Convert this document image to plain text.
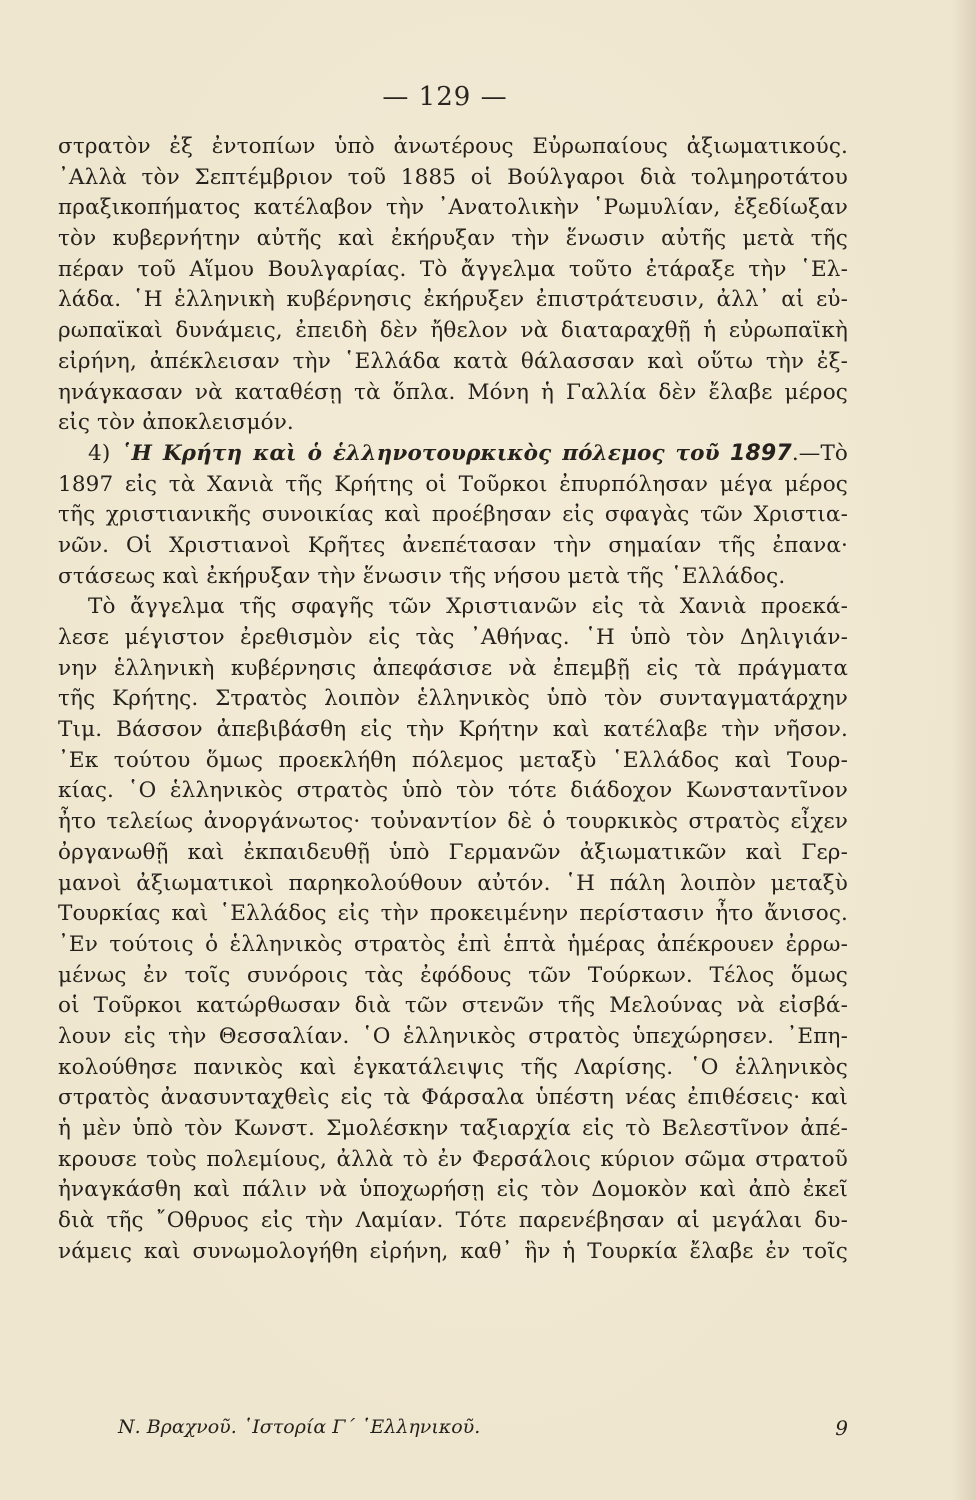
— 129 —
στρατὸν ἐξ ἐντοπίων ὑπὸ ἀνωτέρους Εὐρωπαίους ἀξιωματικούς.
᾿Αλλὰ τὸν Σεπτέμβριον τοῦ 1885 οἱ Βούλγαροι διὰ τολμηροτάτου
πραξικοπήματος κατέλαβον τὴν ᾿Ανατολικὴν ῾Ρωμυλίαν, ἐξεδίωξαν
τὸν κυβερνήτην αὐτῆς καὶ ἐκήρυξαν τὴν ἕνωσιν αὐτῆς μετὰ τῆς
πέραν τοῦ Αἵμου Βουλγαρίας. Τὸ ἄγγελμα τοῦτο ἐτάραξε τὴν ῾Ελ-
λάδα. ῾Η ἑλληνικὴ κυβέρνησις ἐκήρυξεν ἐπιστράτευσιν, ἀλλ᾿ αἱ εὐ-
ρωπαϊκαὶ δυνάμεις, ἐπειδὴ δὲν ἤθελον νὰ διαταραχθῇ ἡ εὐρωπαϊκὴ
εἰρήνη, ἀπέκλεισαν τὴν ῾Ελλάδα κατὰ θάλασσαν καὶ οὕτω τὴν ἐξ-
ηνάγκασαν νὰ καταθέσῃ τὰ ὅπλα. Μόνη ἡ Γαλλία δὲν ἔλαβε μέρος
εἰς τὸν ἀποκλεισμόν.
4) ῾Η Κρήτη καὶ ὁ ἑλληνοτουρκικὸς πόλεμος τοῦ 1897.—Τὸ
1897 εἰς τὰ Χανιὰ τῆς Κρήτης οἱ Τοῦρκοι ἐπυρπόλησαν μέγα μέρος
τῆς χριστιανικῆς συνοικίας καὶ προέβησαν εἰς σφαγὰς τῶν Χριστια-
νῶν. Οἱ Χριστιανοὶ Κρῆτες ἀνεπέτασαν τὴν σημαίαν τῆς ἐπανα·
στάσεως καὶ ἐκήρυξαν τὴν ἕνωσιν τῆς νήσου μετὰ τῆς ῾Ελλάδος.
Τὸ ἄγγελμα τῆς σφαγῆς τῶν Χριστιανῶν εἰς τὰ Χανιὰ προεκά-
λεσε μέγιστον ἐρεθισμὸν εἰς τὰς ᾿Αθήνας. ῾Η ὑπὸ τὸν Δηλιγιάν-
νην ἑλληνικὴ κυβέρνησις ἀπεφάσισε νὰ ἐπεμβῇ εἰς τὰ πράγματα
τῆς Κρήτης. Στρατὸς λοιπὸν ἑλληνικὸς ὑπὸ τὸν συνταγματάρχην
Τιμ. Βάσσον ἀπεβιβάσθη εἰς τὴν Κρήτην καὶ κατέλαβε τὴν νῆσον.
᾿Εκ τούτου ὅμως προεκλήθη πόλεμος μεταξὺ ῾Ελλάδος καὶ Τουρ-
κίας. ῾Ο ἑλληνικὸς στρατὸς ὑπὸ τὸν τότε διάδοχον Κωνσταντῖνον
ἦτο τελείως ἀνοργάνωτος· τοὐναντίον δὲ ὁ τουρκικὸς στρατὸς εἶχεν
ὀργανωθῇ καὶ ἐκπαιδευθῇ ὑπὸ Γερμανῶν ἀξιωματικῶν καὶ Γερ-
μανοὶ ἀξιωματικοὶ παρηκολούθουν αὐτόν. ῾Η πάλη λοιπὸν μεταξὺ
Τουρκίας καὶ ῾Ελλάδος εἰς τὴν προκειμένην περίστασιν ἦτο ἄνισος.
᾿Εν τούτοις ὁ ἑλληνικὸς στρατὸς ἐπὶ ἑπτὰ ἡμέρας ἀπέκρουεν ἐρρω-
μένως ἐν τοῖς συνόροις τὰς ἐφόδους τῶν Τούρκων. Τέλος ὅμως
οἱ Τοῦρκοι κατώρθωσαν διὰ τῶν στενῶν τῆς Μελούνας νὰ εἰσβά-
λουν εἰς τὴν Θεσσαλίαν. ῾Ο ἑλληνικὸς στρατὸς ὑπεχώρησεν. ᾿Επη-
κολούθησε πανικὸς καὶ ἐγκατάλειψις τῆς Λαρίσης. ῾Ο ἑλληνικὸς
στρατὸς ἀνασυνταχθεὶς εἰς τὰ Φάρσαλα ὑπέστη νέας ἐπιθέσεις· καὶ
ἡ μὲν ὑπὸ τὸν Κωνστ. Σμολέσκην ταξιαρχία εἰς τὸ Βελεστῖνον ἀπέ-
κρουσε τοὺς πολεμίους, ἀλλὰ τὸ ἐν Φερσάλοις κύριον σῶμα στρατοῦ
ἠναγκάσθη καὶ πάλιν νὰ ὑποχωρήσῃ εἰς τὸν Δομοκὸν καὶ ἀπὸ ἐκεῖ
διὰ τῆς ῎Οθρυος εἰς τὴν Λαμίαν. Τότε παρενέβησαν αἱ μεγάλαι δυ-
νάμεις καὶ συνωμολογήθη εἰρήνη, καθ᾿ ἣν ἡ Τουρκία ἔλαβε ἐν τοῖς
Ν. Βραχνοῦ. ῾Ιστορία Γ΄ ῾Ελληνικοῦ.	9
